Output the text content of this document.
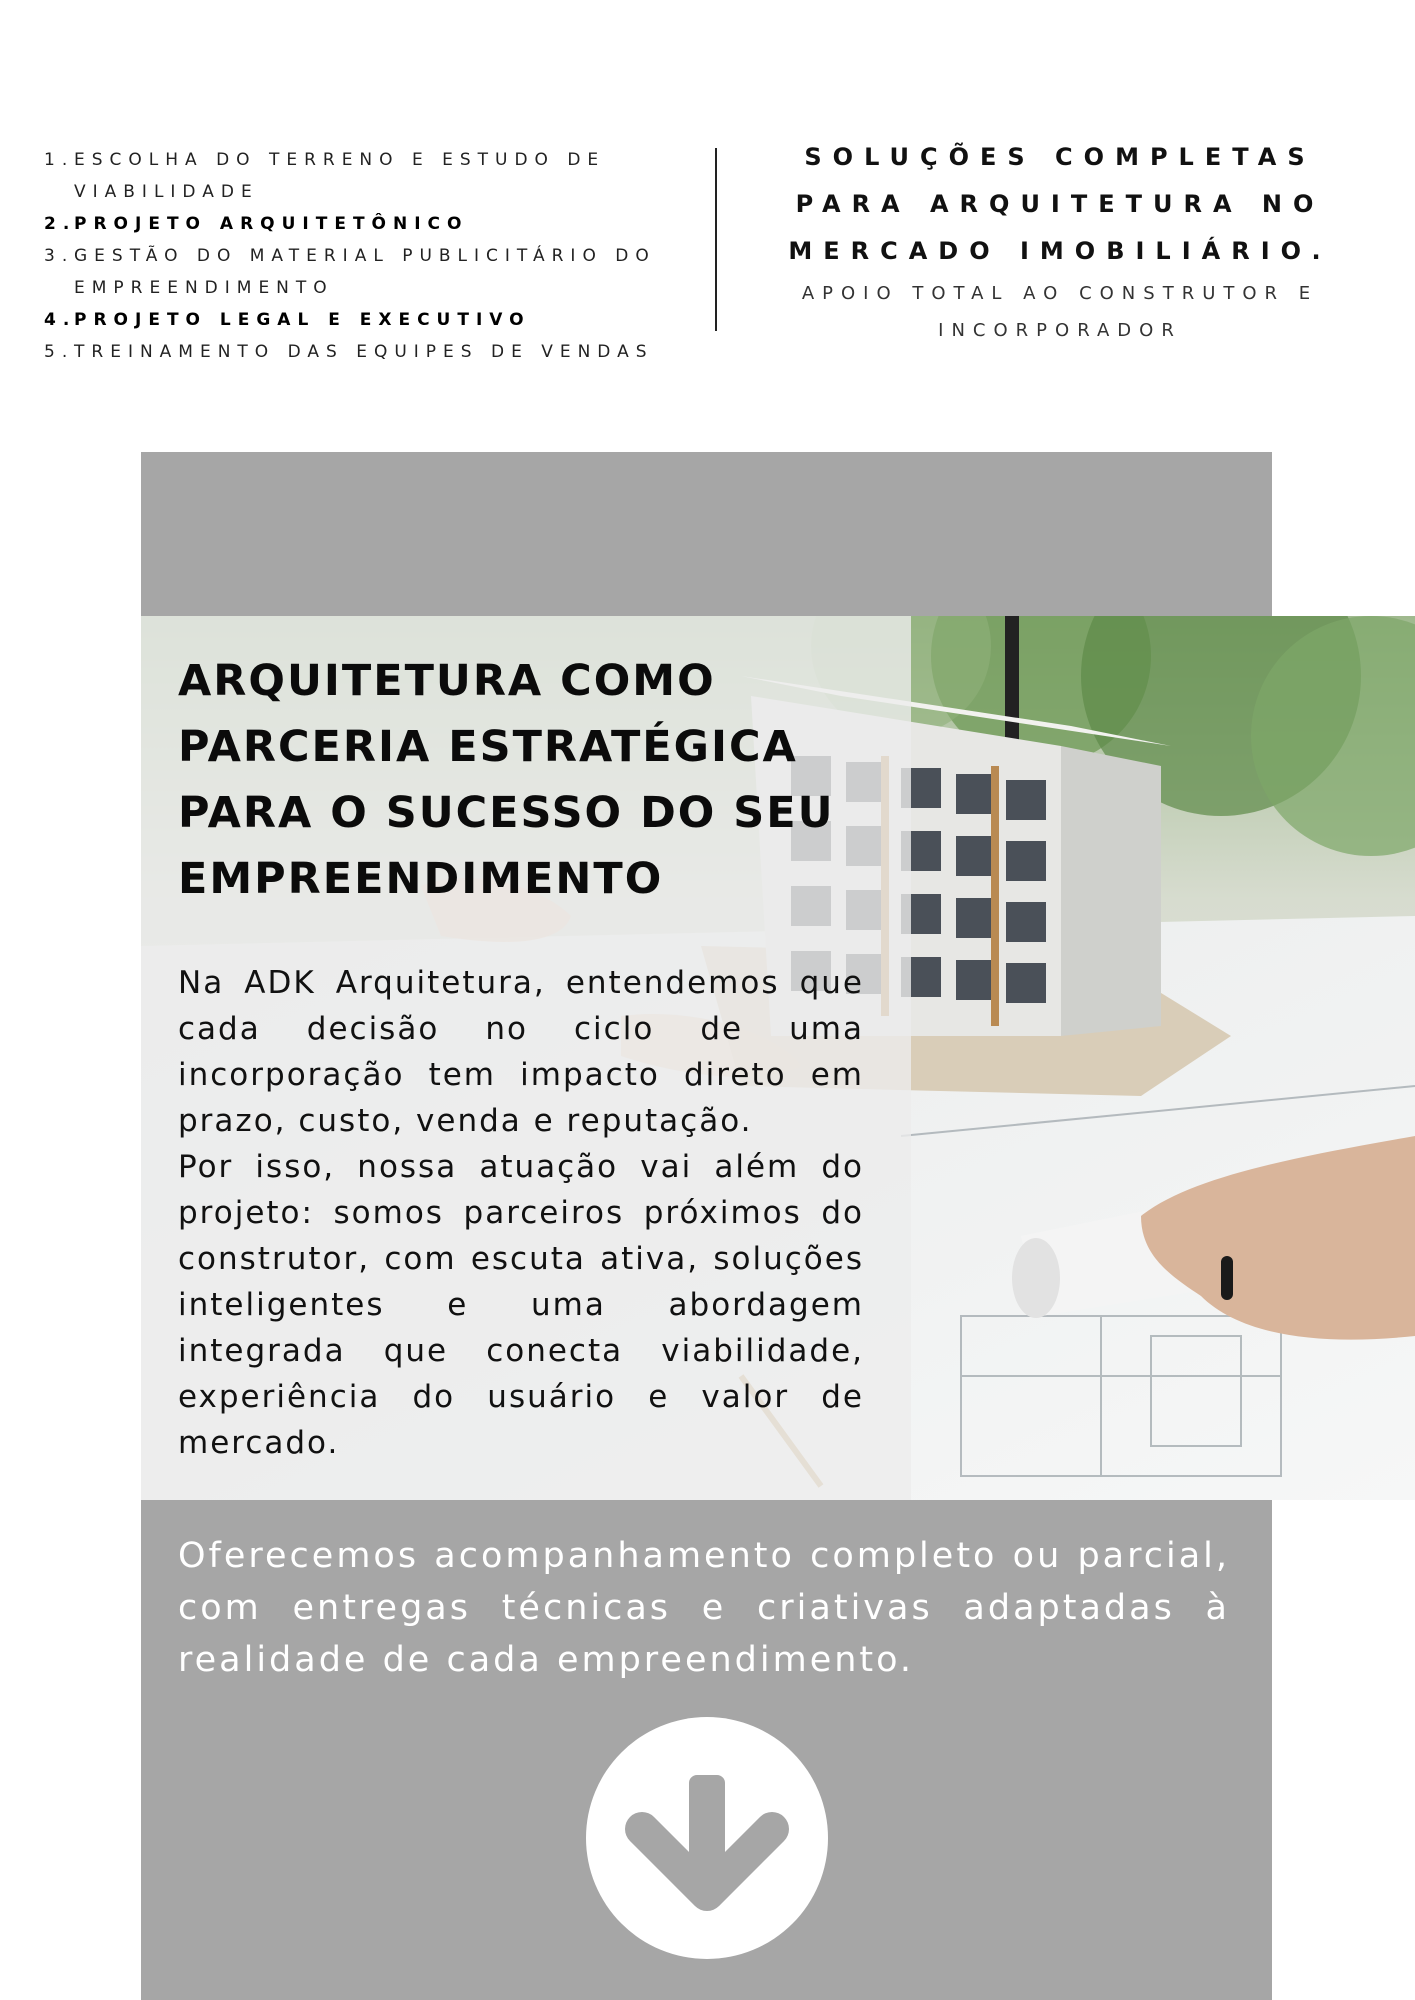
1. ESCOLHA DO TERRENO E ESTUDO DE VIABILIDADE
2.
PROJETO ARQUITETÔNICO
3. GESTÃO DO MATERIAL PUBLICITÁRIO DO EMPREENDIMENTO
4.
PROJETO LEGAL E EXECUTIVO
5. TREINAMENTO DAS EQUIPES DE VENDAS
SOLUÇÕES COMPLETAS PARA ARQUITETURA NO MERCADO IMOBILIÁRIO.

APOIO TOTAL AO CONSTRUTOR E INCORPORADOR

ARQUITETURA COMO PARCERIA ESTRATÉGICA PARA O SUCESSO DO SEU EMPREENDIMENTO

Na ADK Arquitetura, entendemos que cada decisão no ciclo de uma incorporação tem impacto direto em prazo, custo, venda e reputação.

Por isso, nossa atuação vai além do projeto: somos parceiros próximos do construtor, com escuta ativa, soluções inteligentes e uma abordagem integrada que conecta viabilidade, experiência do usuário e valor de mercado.

Oferecemos acompanhamento completo ou parcial, com entregas técnicas e criativas adaptadas à realidade de cada empreendimento.
